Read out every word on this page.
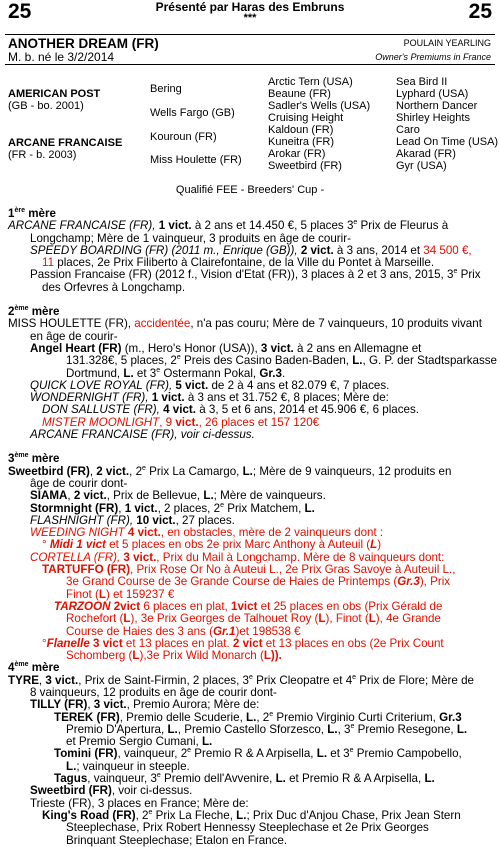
25	Présenté par Haras des Embruns
***	25
ANOTHER DREAM (FR)
M. b. né le 3/2/2014
POULAIN YEARLING
Owner's Premiums in France
AMERICAN POST
(GB - bo. 2001)
ARCANE FRANCAISE
(FR - b. 2003)
Bering
Wells Fargo (GB)
Kouroun (FR)
Miss Houlette (FR)
Arctic Tern (USA)
Beaune (FR)
Sadler's Wells (USA)
Cruising Height
Kaldoun (FR)
Kuneitra (FR)
Arokar (FR)
Sweetbird (FR)
Sea Bird II
Lyphard (USA)
Northern Dancer
Shirley Heights
Caro
Lead On Time (USA)
Akarad (FR)
Gyr (USA)
Qualifié FEE - Breeders' Cup -

1ère mère

ARCANE FRANCAISE (FR), 1 vict. à 2 ans et 14.450 €, 5 places 3e Prix de Fleurus à

Longchamp; Mère de 1 vainqueur, 3 produits en âge de courir-

SPEEDY BOARDING (FR) (2011 m., Enrique (GB)), 2 vict. à 3 ans, 2014 et 34 500 €,

11 places, 2e Prix Filiberto à Clairefontaine, de la Ville du Pontet à Marseille.

Passion Francaise (FR) (2012 f., Vision d'Etat (FR)), 3 places à 2 et 3 ans, 2015, 3e Prix

des Orfevres à Longchamp.

2ème mère

MISS HOULETTE (FR), accidentée, n'a pas couru; Mère de 7 vainqueurs, 10 produits vivant

en âge de courir-

Angel Heart (FR) (m., Hero's Honor (USA)), 3 vict. à 2 ans en Allemagne et

131.328€, 5 places, 2e Preis des Casino Baden-Baden, L., G. P. der Stadtsparkasse

Dortmund, L. et 3e Ostermann Pokal, Gr.3.

QUICK LOVE ROYAL (FR), 5 vict. de 2 à 4 ans et 82.079 €, 7 places.

WONDERNIGHT (FR), 1 vict. à 3 ans et 31.752 €, 8 places; Mère de:

DON SALLUSTE (FR), 4 vict. à 3, 5 et 6 ans, 2014 et 45.906 €, 6 places.

MISTER MOONLIGHT, 9 vict., 26 places et 157 120€

ARCANE FRANCAISE (FR), voir ci-dessus.

3ème mère

Sweetbird (FR), 2 vict., 2e Prix La Camargo, L.; Mère de 9 vainqueurs, 12 produits en

âge de courir dont-

SIAMA, 2 vict., Prix de Bellevue, L.; Mère de vainqueurs.

Stormnight (FR), 1 vict., 2 places, 2e Prix Matchem, L.

FLASHNIGHT (FR), 10 vict., 27 places.

WEEDING NIGHT 4 vict., en obstacles, mère de 2 vainqueurs dont :

° Midi 1 vict et 5 places en obs 2e prix Marc Anthony à Auteuil (L)

CORTELLA (FR), 3 vict., Prix du Mail à Longchamp. Mère de 8 vainqueurs dont:

TARTUFFO (FR), Prix Rose Or No à Auteui L., 2e Prix Gras Savoye à Auteuil L.,

3e Grand Course de 3e Grande Course de Haies de Printemps (Gr.3), Prix

Finot (L) et 159237 €

TARZOON 2vict 6 places en plat, 1vict et 25 places en obs (Prix Gérald de

Rochefort (L), 3e Prix Georges de Talhouet Roy (L), Finot (L), 4e Grande

Course de Haies des 3 ans (Gr.1)et 198538 €

°Flanelle 3 vict et 13 places en plat. 2 vict et 13 places en obs (2e Prix Count

Schomberg (L),3e Prix Wild Monarch (L)).

4ème mère

TYRE, 3 vict., Prix de Saint-Firmin, 2 places, 3e Prix Cleopatre et 4e Prix de Flore; Mère de

8 vainqueurs, 12 produits en âge de courir dont-

TILLY (FR), 3 vict., Premio Aurora; Mère de:

TEREK (FR), Premio delle Scuderie, L., 2e Premio Virginio Curti Criterium, Gr.3

Premio D'Apertura, L., Premio Castello Sforzesco, L., 3e Premio Resegone, L.

et Premio Sergio Cumani, L.

Tomini (FR), vainqueur, 2e Premio R & A Arpisella, L. et 3e Premio Campobello,

L.; vainqueur in steeple.

Tagus, vainqueur, 3e Premio dell'Avvenire, L. et Premio R & A Arpisella, L.

Sweetbird (FR), voir ci-dessus.

Trieste (FR), 3 places en France; Mère de:

King's Road (FR), 2e Prix La Fleche, L.; Prix Duc d'Anjou Chase, Prix Jean Stern

Steeplechase, Prix Robert Hennessy Steeplechase et 2e Prix Georges

Brinquant Steeplechase; Etalon en France.
